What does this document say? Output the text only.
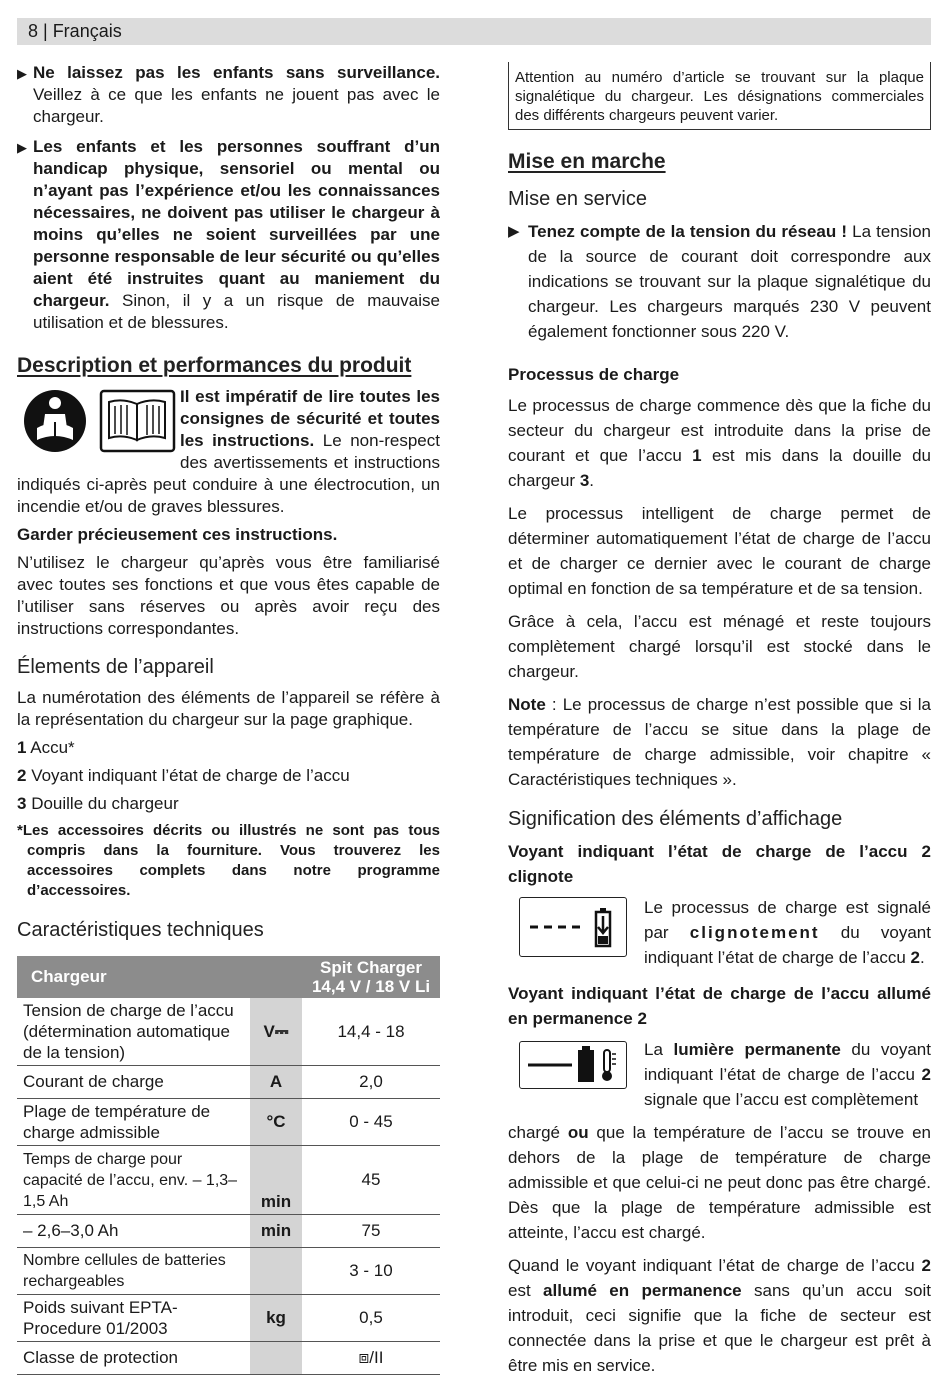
8 | Français

▶ Ne laissez pas les enfants sans surveillance. Veillez à ce que les enfants ne jouent pas avec le chargeur.

▶ Les enfants et les personnes souffrant d’un handicap physique, sensoriel ou mental ou n’ayant pas l’expérience et/ou les connaissances nécessaires, ne doivent pas utiliser le chargeur à moins qu’elles ne soient surveillées par une personne responsable de leur sécurité ou qu’elles aient été instruites quant au maniement du chargeur. Sinon, il y a un risque de mauvaise utilisation et de blessures.

Description et performances du produit

Il est impératif de lire toutes les consignes de sécurité et toutes les instructions. Le non-respect des avertissements et instructions indiqués ci-après peut conduire à une électrocution, un incendie et/ou de graves blessures.

Garder précieusement ces instructions.

N’utilisez le chargeur qu’après vous être familiarisé avec toutes ses fonctions et que vous êtes capable de l’utiliser sans réserves ou après avoir reçu des instructions correspondantes.

Élements de l’appareil

La numérotation des éléments de l’appareil se réfère à la représentation du chargeur sur la page graphique.

1 Accu*

2 Voyant indiquant l’état de charge de l’accu

3 Douille du chargeur

*Les accessoires décrits ou illustrés ne sont pas tous compris dans la fourniture. Vous trouverez les accessoires complets dans notre programme d’accessoires.

Caractéristiques techniques
Chargeur		Spit Charger 14,4 V / 18 V Li
Tension de charge de l’accu (détermination automatique de la tension)	V⎓	14,4 - 18
Courant de charge	A	2,0
Plage de température de charge admissible	°C	0 - 45
Temps de charge pour capacité de l’accu, env. – 1,3–1,5 Ah	min	45
– 2,6–3,0 Ah	min	75
Nombre cellules de batteries rechargeables		3 - 10
Poids suivant EPTA-Procedure 01/2003	kg	0,5
Classe de protection		⧈/II
Attention au numéro d’article se trouvant sur la plaque signalétique du chargeur. Les désignations commerciales des différents chargeurs peuvent varier.
Mise en marche
Mise en service

▶ Tenez compte de la tension du réseau ! La tension de la source de courant doit correspondre aux indications se trouvant sur la plaque signalétique du chargeur. Les chargeurs marqués 230 V peuvent également fonctionner sous 220 V.

Processus de charge

Le processus de charge commence dès que la fiche du secteur du chargeur est introduite dans la prise de courant et que l’accu 1 est mis dans la douille du chargeur 3.

Le processus intelligent de charge permet de déterminer automatiquement l’état de charge de l’accu et de charger ce dernier avec le courant de charge optimal en fonction de sa température et de sa tension.

Grâce à cela, l’accu est ménagé et reste toujours complètement chargé lorsqu’il est stocké dans le chargeur.

Note : Le processus de charge n’est possible que si la température de l’accu se situe dans la plage de température de charge admissible, voir chapitre « Caractéristiques techniques ».

Signification des éléments d’affichage

Voyant indiquant l’état de charge de l’accu 2 clignote

Le processus de charge est signalé par clignotement du voyant indiquant l’état de charge de l’accu 2.

Voyant indiquant l’état de charge de l’accu allumé en permanence 2

La lumière permanente du voyant indiquant l’état de charge de l’accu 2 signale que l’accu est complètement

chargé ou que la température de l’accu se trouve en dehors de la plage de température de charge admissible et que celui-ci ne peut donc pas être chargé. Dès que la plage de température admissible est atteinte, l’accu est chargé.

Quand le voyant indiquant l’état de charge de l’accu 2 est allumé en permanence sans qu’un accu soit introduit, ceci signifie que la fiche de secteur est connectée dans la prise et que le chargeur est prêt à être mis en service.
